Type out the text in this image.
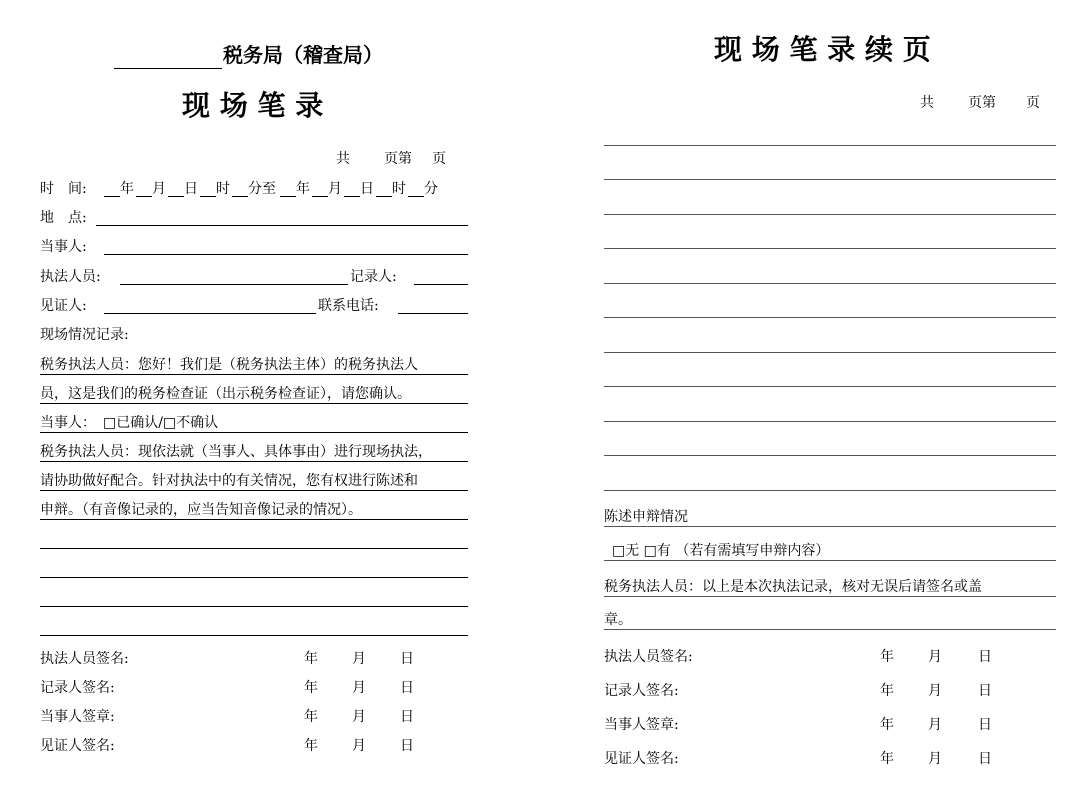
税务局（稽查局）
现 场 笔 录
共 页第 页
时　间: 年 月 日 时 分至 年 月 日 时 分
地　点:
当事人:
执法人员:	记录人:
见证人:	联系电话:
现场情况记录:
税务执法人员：您好！我们是（税务执法主体）的税务执法人
员，这是我们的税务检查证（出示税务检查证），请您确认。
当事人：　□已确认/□不确认
税务执法人员：现依法就（当事人、具体事由）进行现场执法，
请协助做好配合。针对执法中的有关情况，您有权进行陈述和
申辩。（有音像记录的，应当告知音像记录的情况）。
执法人员签名:	年 月 日
记录人签名:	年 月 日
当事人签章:	年 月 日
见证人签名:	年 月 日
现 场 笔 录 续 页
共 页第 页
陈述申辩情况
□无 □有 （若有需填写申辩内容）
税务执法人员：以上是本次执法记录，核对无误后请签名或盖
章。
执法人员签名:	年 月	日
记录人签名:	年 月	日
当事人签章:	年 月	日
见证人签名:	年 月	日
